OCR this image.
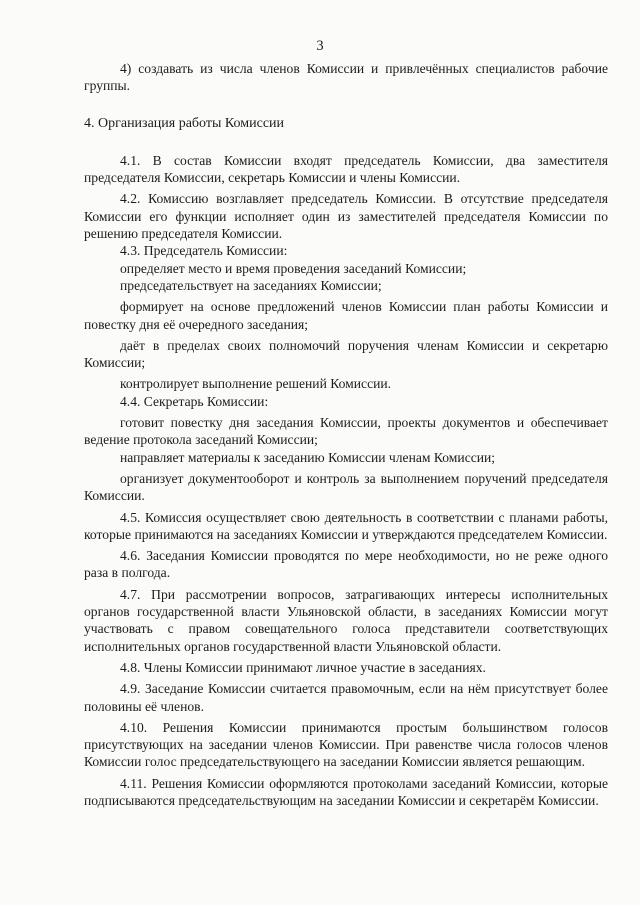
3

4) создавать из числа членов Комиссии и привлечённых специалистов рабочие группы.

4. Организация работы Комиссии

4.1. В состав Комиссии входят председатель Комиссии, два заместителя председателя Комиссии, секретарь Комиссии и члены Комиссии.

4.2. Комиссию возглавляет председатель Комиссии. В отсутствие председателя Комиссии его функции исполняет один из заместителей председателя Комиссии по решению председателя Комиссии.

4.3. Председатель Комиссии:

определяет место и время проведения заседаний Комиссии;

председательствует на заседаниях Комиссии;

формирует на основе предложений членов Комиссии план работы Комиссии и повестку дня её очередного заседания;

даёт в пределах своих полномочий поручения членам Комиссии и секретарю Комиссии;

контролирует выполнение решений Комиссии.

4.4. Секретарь Комиссии:

готовит повестку дня заседания Комиссии, проекты документов и обеспечивает ведение протокола заседаний Комиссии;

направляет материалы к заседанию Комиссии членам Комиссии;

организует документооборот и контроль за выполнением поручений председателя Комиссии.

4.5. Комиссия осуществляет свою деятельность в соответствии с планами работы, которые принимаются на заседаниях Комиссии и утверждаются председателем Комиссии.

4.6. Заседания Комиссии проводятся по мере необходимости, но не реже одного раза в полгода.

4.7. При рассмотрении вопросов, затрагивающих интересы исполнительных органов государственной власти Ульяновской области, в заседаниях Комиссии могут участвовать с правом совещательного голоса представители соответствующих исполнительных органов государственной власти Ульяновской области.

4.8. Члены Комиссии принимают личное участие в заседаниях.

4.9. Заседание Комиссии считается правомочным, если на нём присутствует более половины её членов.

4.10. Решения Комиссии принимаются простым большинством голосов присутствующих на заседании членов Комиссии. При равенстве числа голосов членов Комиссии голос председательствующего на заседании Комиссии является решающим.

4.11. Решения Комиссии оформляются протоколами заседаний Комиссии, которые подписываются председательствующим на заседании Комиссии и секретарём Комиссии.
